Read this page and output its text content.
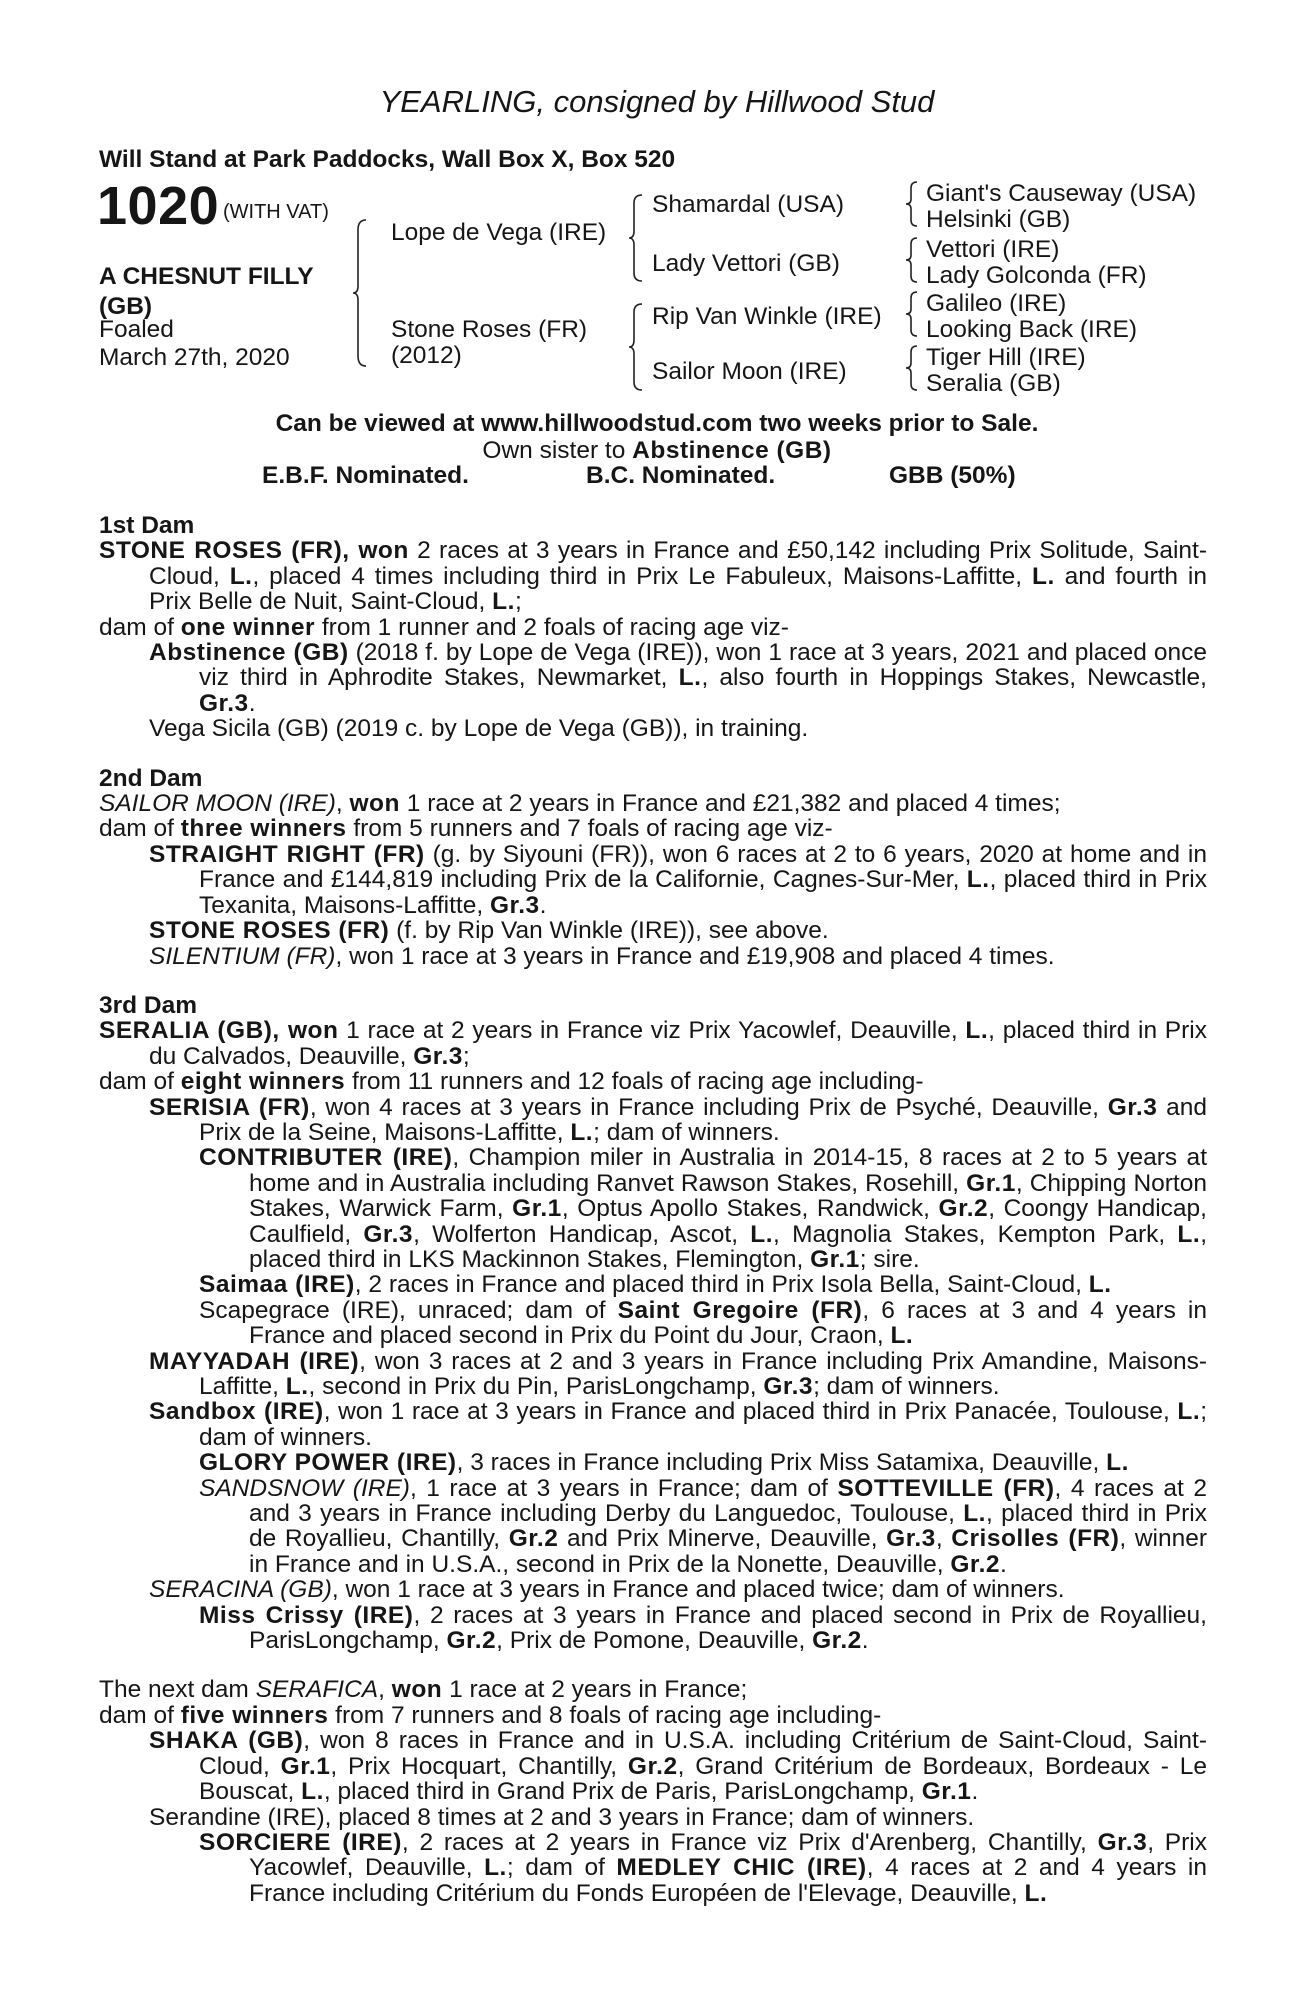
YEARLING, consigned by Hillwood Stud
Will Stand at Park Paddocks, Wall Box X, Box 520
1020 (WITH VAT)
A CHESNUT FILLY
(GB)
Foaled
March 27th, 2020
Lope de Vega (IRE)
Stone Roses (FR)
(2012)
Shamardal (USA)
Lady Vettori (GB)
Rip Van Winkle (IRE)
Sailor Moon (IRE)
Giant's Causeway (USA)
Helsinki (GB)
Vettori (IRE)
Lady Golconda (FR)
Galileo (IRE)
Looking Back (IRE)
Tiger Hill (IRE)
Seralia (GB)
Can be viewed at www.hillwoodstud.com two weeks prior to Sale.
Own sister to Abstinence (GB)
E.B.F. Nominated.	B.C. Nominated.	GBB (50%)
1st Dam
STONE ROSES (FR), won 2 races at 3 years in France and £50,142 including Prix Solitude, Saint-Cloud, L., placed 4 times including third in Prix Le Fabuleux, Maisons-Laffitte, L. and fourth in Prix Belle de Nuit, Saint-Cloud, L.;
dam of one winner from 1 runner and 2 foals of racing age viz-
Abstinence (GB) (2018 f. by Lope de Vega (IRE)), won 1 race at 3 years, 2021 and placed once viz third in Aphrodite Stakes, Newmarket, L., also fourth in Hoppings Stakes, Newcastle, Gr.3.
Vega Sicila (GB) (2019 c. by Lope de Vega (GB)), in training.
2nd Dam
SAILOR MOON (IRE), won 1 race at 2 years in France and £21,382 and placed 4 times;
dam of three winners from 5 runners and 7 foals of racing age viz-
STRAIGHT RIGHT (FR) (g. by Siyouni (FR)), won 6 races at 2 to 6 years, 2020 at home and in France and £144,819 including Prix de la Californie, Cagnes-Sur-Mer, L., placed third in Prix Texanita, Maisons-Laffitte, Gr.3.
STONE ROSES (FR) (f. by Rip Van Winkle (IRE)), see above.
SILENTIUM (FR), won 1 race at 3 years in France and £19,908 and placed 4 times.
3rd Dam
SERALIA (GB), won 1 race at 2 years in France viz Prix Yacowlef, Deauville, L., placed third in Prix du Calvados, Deauville, Gr.3;
dam of eight winners from 11 runners and 12 foals of racing age including-
SERISIA (FR), won 4 races at 3 years in France including Prix de Psyché, Deauville, Gr.3 and Prix de la Seine, Maisons-Laffitte, L.; dam of winners.
CONTRIBUTER (IRE), Champion miler in Australia in 2014-15, 8 races at 2 to 5 years at home and in Australia including Ranvet Rawson Stakes, Rosehill, Gr.1, Chipping Norton Stakes, Warwick Farm, Gr.1, Optus Apollo Stakes, Randwick, Gr.2, Coongy Handicap, Caulfield, Gr.3, Wolferton Handicap, Ascot, L., Magnolia Stakes, Kempton Park, L., placed third in LKS Mackinnon Stakes, Flemington, Gr.1; sire.
Saimaa (IRE), 2 races in France and placed third in Prix Isola Bella, Saint-Cloud, L.
Scapegrace (IRE), unraced; dam of Saint Gregoire (FR), 6 races at 3 and 4 years in France and placed second in Prix du Point du Jour, Craon, L.
MAYYADAH (IRE), won 3 races at 2 and 3 years in France including Prix Amandine, Maisons-Laffitte, L., second in Prix du Pin, ParisLongchamp, Gr.3; dam of winners.
Sandbox (IRE), won 1 race at 3 years in France and placed third in Prix Panacée, Toulouse, L.; dam of winners.
GLORY POWER (IRE), 3 races in France including Prix Miss Satamixa, Deauville, L.
SANDSNOW (IRE), 1 race at 3 years in France; dam of SOTTEVILLE (FR), 4 races at 2 and 3 years in France including Derby du Languedoc, Toulouse, L., placed third in Prix de Royallieu, Chantilly, Gr.2 and Prix Minerve, Deauville, Gr.3, Crisolles (FR), winner in France and in U.S.A., second in Prix de la Nonette, Deauville, Gr.2.
SERACINA (GB), won 1 race at 3 years in France and placed twice; dam of winners.
Miss Crissy (IRE), 2 races at 3 years in France and placed second in Prix de Royallieu, ParisLongchamp, Gr.2, Prix de Pomone, Deauville, Gr.2.
The next dam SERAFICA, won 1 race at 2 years in France;
dam of five winners from 7 runners and 8 foals of racing age including-
SHAKA (GB), won 8 races in France and in U.S.A. including Critérium de Saint-Cloud, Saint-Cloud, Gr.1, Prix Hocquart, Chantilly, Gr.2, Grand Critérium de Bordeaux, Bordeaux - Le Bouscat, L., placed third in Grand Prix de Paris, ParisLongchamp, Gr.1.
Serandine (IRE), placed 8 times at 2 and 3 years in France; dam of winners.
SORCIERE (IRE), 2 races at 2 years in France viz Prix d'Arenberg, Chantilly, Gr.3, Prix Yacowlef, Deauville, L.; dam of MEDLEY CHIC (IRE), 4 races at 2 and 4 years in France including Critérium du Fonds Européen de l'Elevage, Deauville, L.
